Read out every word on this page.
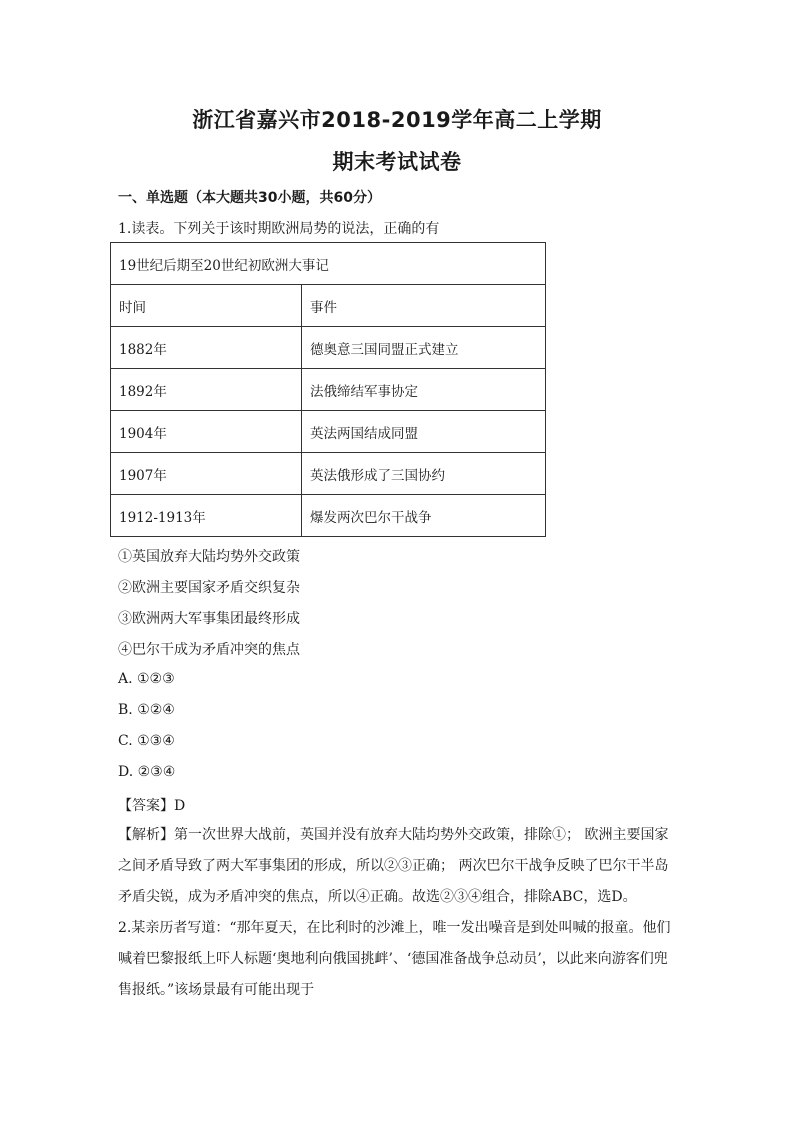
浙江省嘉兴市2018-2019学年高二上学期
期末考试试卷
一、单选题（本大题共30小题，共60分）
1.读表。下列关于该时期欧洲局势的说法，正确的有
19世纪后期至20世纪初欧洲大事记	
时间	事件
1882年	德奥意三国同盟正式建立
1892年	法俄缔结军事协定
1904年	英法两国结成同盟
1907年	英法俄形成了三国协约
1912-1913年	爆发两次巴尔干战争
①英国放弃大陆均势外交政策
②欧洲主要国家矛盾交织复杂
③欧洲两大军事集团最终形成
④巴尔干成为矛盾冲突的焦点
A. ①②③
B. ①②④
C. ①③④
D. ②③④
【答案】D

【解析】第一次世界大战前，英国并没有放弃大陆均势外交政策，排除①； 欧洲主要国家之间矛盾导致了两大军事集团的形成，所以②③正确； 两次巴尔干战争反映了巴尔干半岛矛盾尖锐，成为矛盾冲突的焦点，所以④正确。故选②③④组合，排除ABC，选D。

2.某亲历者写道：“那年夏天，在比利时的沙滩上，唯一发出噪音是到处叫喊的报童。他们喊着巴黎报纸上吓人标题‘奥地利向俄国挑衅’、‘德国准备战争总动员’，以此来向游客们兜售报纸。”该场景最有可能出现于
